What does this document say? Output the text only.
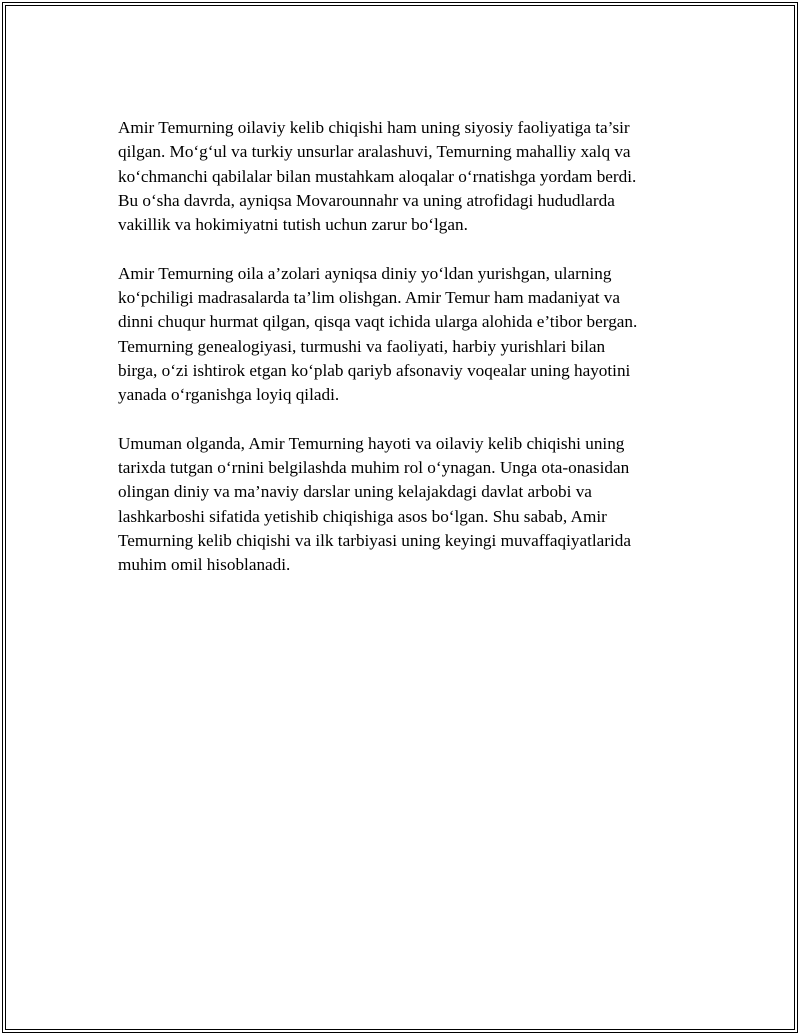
Amir Temurning oilaviy kelib chiqishi ham uning siyosiy faoliyatiga ta’sir
qilgan. Mo‘g‘ul va turkiy unsurlar aralashuvi, Temurning mahalliy xalq va
ko‘chmanchi qabilalar bilan mustahkam aloqalar o‘rnatishga yordam berdi.
Bu o‘sha davrda, ayniqsa Movarounnahr va uning atrofidagi hududlarda
vakillik va hokimiyatni tutish uchun zarur bo‘lgan.

Amir Temurning oila a’zolari ayniqsa diniy yo‘ldan yurishgan, ularning
ko‘pchiligi madrasalarda ta’lim olishgan. Amir Temur ham madaniyat va
dinni chuqur hurmat qilgan, qisqa vaqt ichida ularga alohida e’tibor bergan.
Temurning genealogiyasi, turmushi va faoliyati, harbiy yurishlari bilan
birga, o‘zi ishtirok etgan ko‘plab qariyb afsonaviy voqealar uning hayotini
yanada o‘rganishga loyiq qiladi.

Umuman olganda, Amir Temurning hayoti va oilaviy kelib chiqishi uning
tarixda tutgan o‘rnini belgilashda muhim rol o‘ynagan. Unga ota-onasidan
olingan diniy va ma’naviy darslar uning kelajakdagi davlat arbobi va
lashkarboshi sifatida yetishib chiqishiga asos bo‘lgan. Shu sabab, Amir
Temurning kelib chiqishi va ilk tarbiyasi uning keyingi muvaffaqiyatlarida
muhim omil hisoblanadi.
